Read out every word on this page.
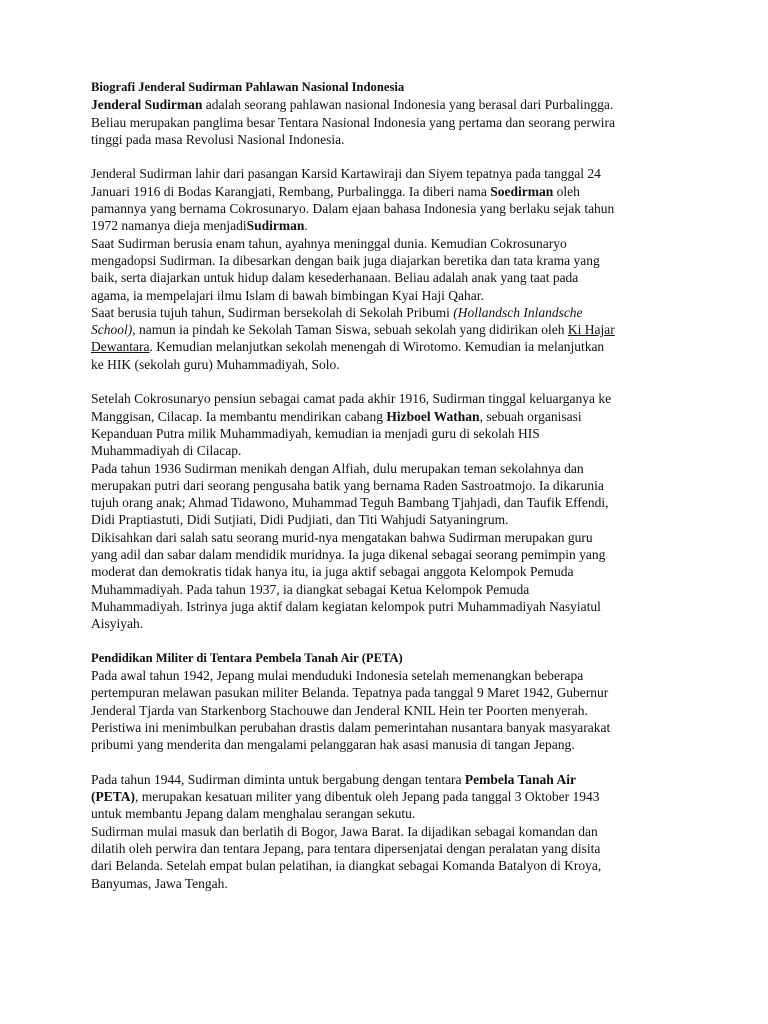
Biografi Jenderal Sudirman Pahlawan Nasional Indonesia
Jenderal Sudirman adalah seorang pahlawan nasional Indonesia yang berasal dari Purbalingga.
Beliau merupakan panglima besar Tentara Nasional Indonesia yang pertama dan seorang perwira
tinggi pada masa Revolusi Nasional Indonesia.
Jenderal Sudirman lahir dari pasangan Karsid Kartawiraji dan Siyem tepatnya pada tanggal 24
Januari 1916 di Bodas Karangjati, Rembang, Purbalingga. Ia diberi nama Soedirman oleh
pamannya yang bernama Cokrosunaryo. Dalam ejaan bahasa Indonesia yang berlaku sejak tahun
1972 namanya dieja menjadiSudirman.
Saat Sudirman berusia enam tahun, ayahnya meninggal dunia. Kemudian Cokrosunaryo
mengadopsi Sudirman. Ia dibesarkan dengan baik juga diajarkan beretika dan tata krama yang
baik, serta diajarkan untuk hidup dalam kesederhanaan. Beliau adalah anak yang taat pada
agama, ia mempelajari ilmu Islam di bawah bimbingan Kyai Haji Qahar.
Saat berusia tujuh tahun, Sudirman bersekolah di Sekolah Pribumi (Hollandsch Inlandsche
School), namun ia pindah ke Sekolah Taman Siswa, sebuah sekolah yang didirikan oleh Ki Hajar
Dewantara. Kemudian melanjutkan sekolah menengah di Wirotomo. Kemudian ia melanjutkan
ke HIK (sekolah guru) Muhammadiyah, Solo.
Setelah Cokrosunaryo pensiun sebagai camat pada akhir 1916, Sudirman tinggal keluarganya ke
Manggisan, Cilacap. Ia membantu mendirikan cabang Hizboel Wathan, sebuah organisasi
Kepanduan Putra milik Muhammadiyah, kemudian ia menjadi guru di sekolah HIS
Muhammadiyah di Cilacap.
Pada tahun 1936 Sudirman menikah dengan Alfiah, dulu merupakan teman sekolahnya dan
merupakan putri dari seorang pengusaha batik yang bernama Raden Sastroatmojo. Ia dikarunia
tujuh orang anak; Ahmad Tidawono, Muhammad Teguh Bambang Tjahjadi, dan Taufik Effendi,
Didi Praptiastuti, Didi Sutjiati, Didi Pudjiati, dan Titi Wahjudi Satyaningrum.
Dikisahkan dari salah satu seorang murid-nya mengatakan bahwa Sudirman merupakan guru
yang adil dan sabar dalam mendidik muridnya. Ia juga dikenal sebagai seorang pemimpin yang
moderat dan demokratis tidak hanya itu, ia juga aktif sebagai anggota Kelompok Pemuda
Muhammadiyah. Pada tahun 1937, ia diangkat sebagai Ketua Kelompok Pemuda
Muhammadiyah. Istrinya juga aktif dalam kegiatan kelompok putri Muhammadiyah Nasyiatul
Aisyiyah.
Pendidikan Militer di Tentara Pembela Tanah Air (PETA)
Pada awal tahun 1942, Jepang mulai menduduki Indonesia setelah memenangkan beberapa
pertempuran melawan pasukan militer Belanda. Tepatnya pada tanggal 9 Maret 1942, Gubernur
Jenderal Tjarda van Starkenborg Stachouwe dan Jenderal KNIL Hein ter Poorten menyerah.
Peristiwa ini menimbulkan perubahan drastis dalam pemerintahan nusantara banyak masyarakat
pribumi yang menderita dan mengalami pelanggaran hak asasi manusia di tangan Jepang.
Pada tahun 1944, Sudirman diminta untuk bergabung dengan tentara Pembela Tanah Air
(PETA), merupakan kesatuan militer yang dibentuk oleh Jepang pada tanggal 3 Oktober 1943
untuk membantu Jepang dalam menghalau serangan sekutu.
Sudirman mulai masuk dan berlatih di Bogor, Jawa Barat. Ia dijadikan sebagai komandan dan
dilatih oleh perwira dan tentara Jepang, para tentara dipersenjatai dengan peralatan yang disita
dari Belanda. Setelah empat bulan pelatihan, ia diangkat sebagai Komanda Batalyon di Kroya,
Banyumas, Jawa Tengah.
